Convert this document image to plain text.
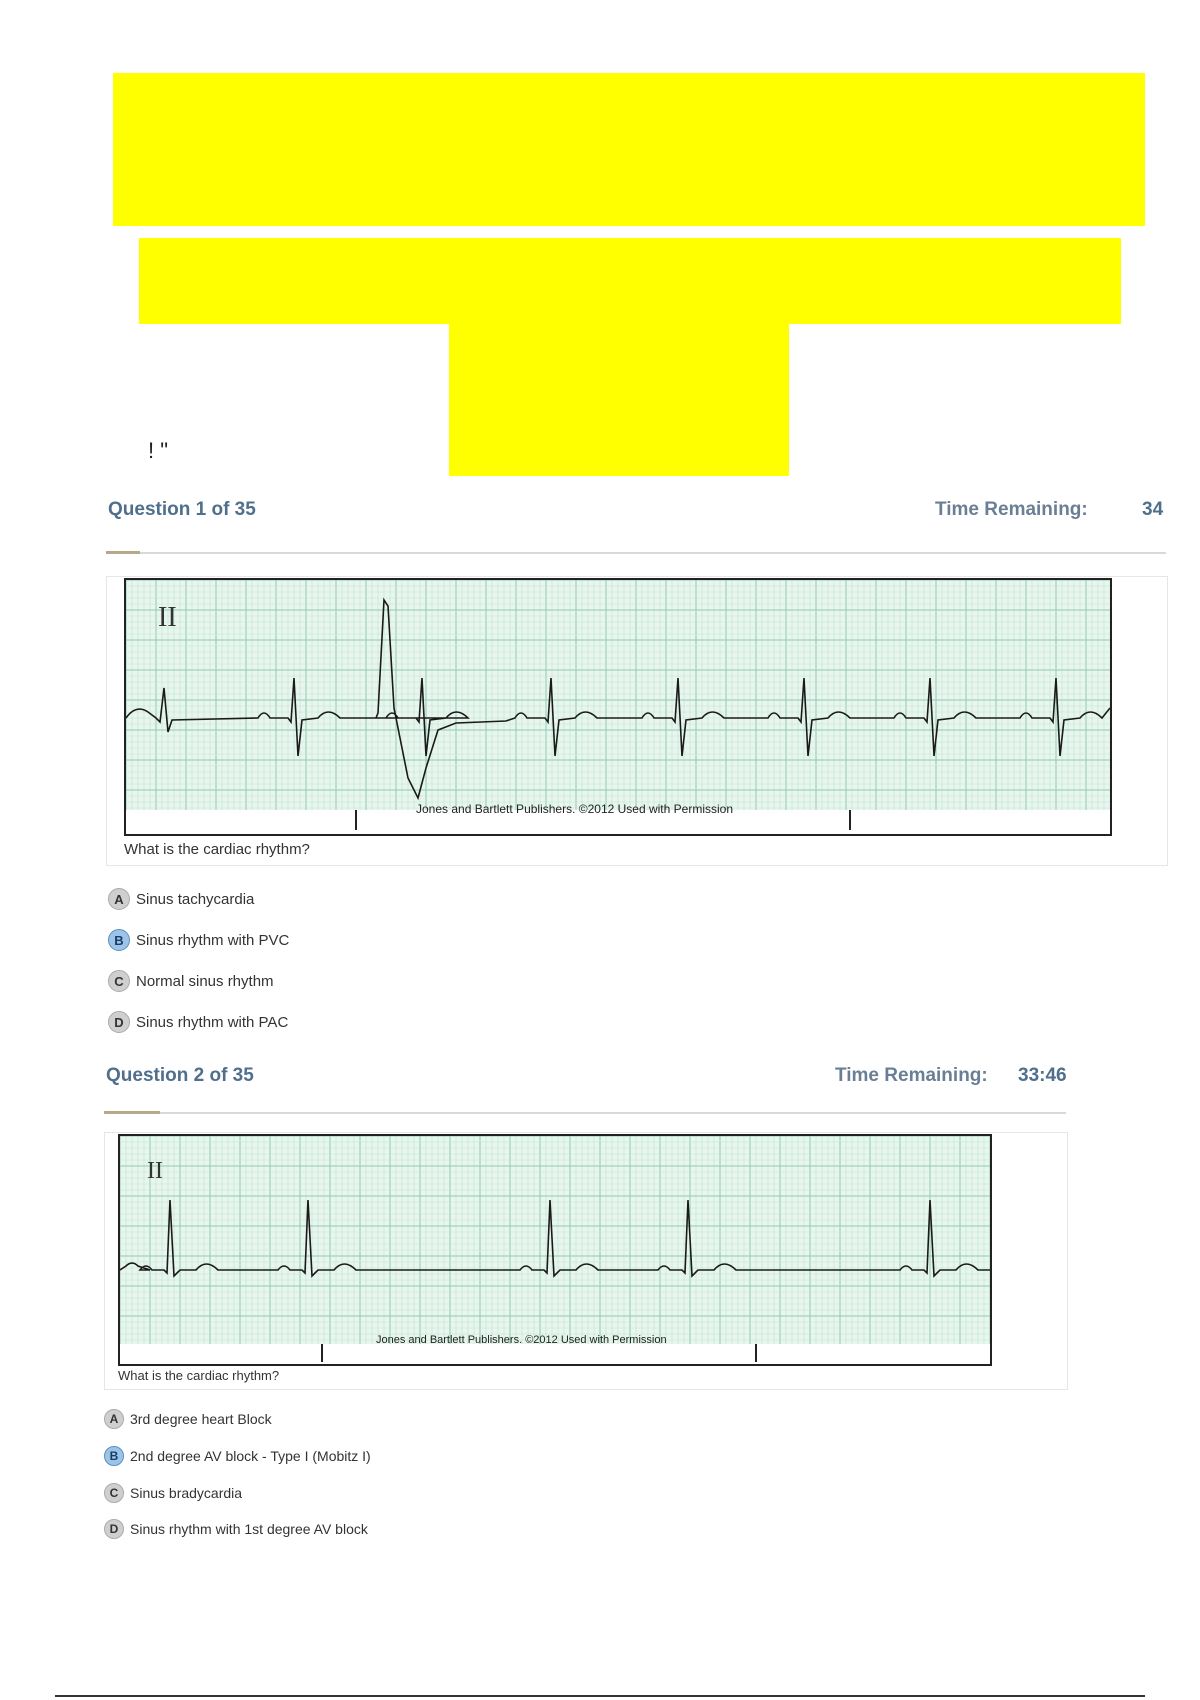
! "
Question 1 of 35	Time Remaining:	34
II
Jones and Bartlett Publishers. ©2012 Used with Permission
What is the cardiac rhythm?
A Sinus tachycardia
B Sinus rhythm with PVC
C Normal sinus rhythm
D Sinus rhythm with PAC
Question 2 of 35	Time Remaining: 33:46
II
Jones and Bartlett Publishers. ©2012 Used with Permission
What is the cardiac rhythm?
A 3rd degree heart Block
B 2nd degree AV block - Type I (Mobitz I)
C Sinus bradycardia
D Sinus rhythm with 1st degree AV block
